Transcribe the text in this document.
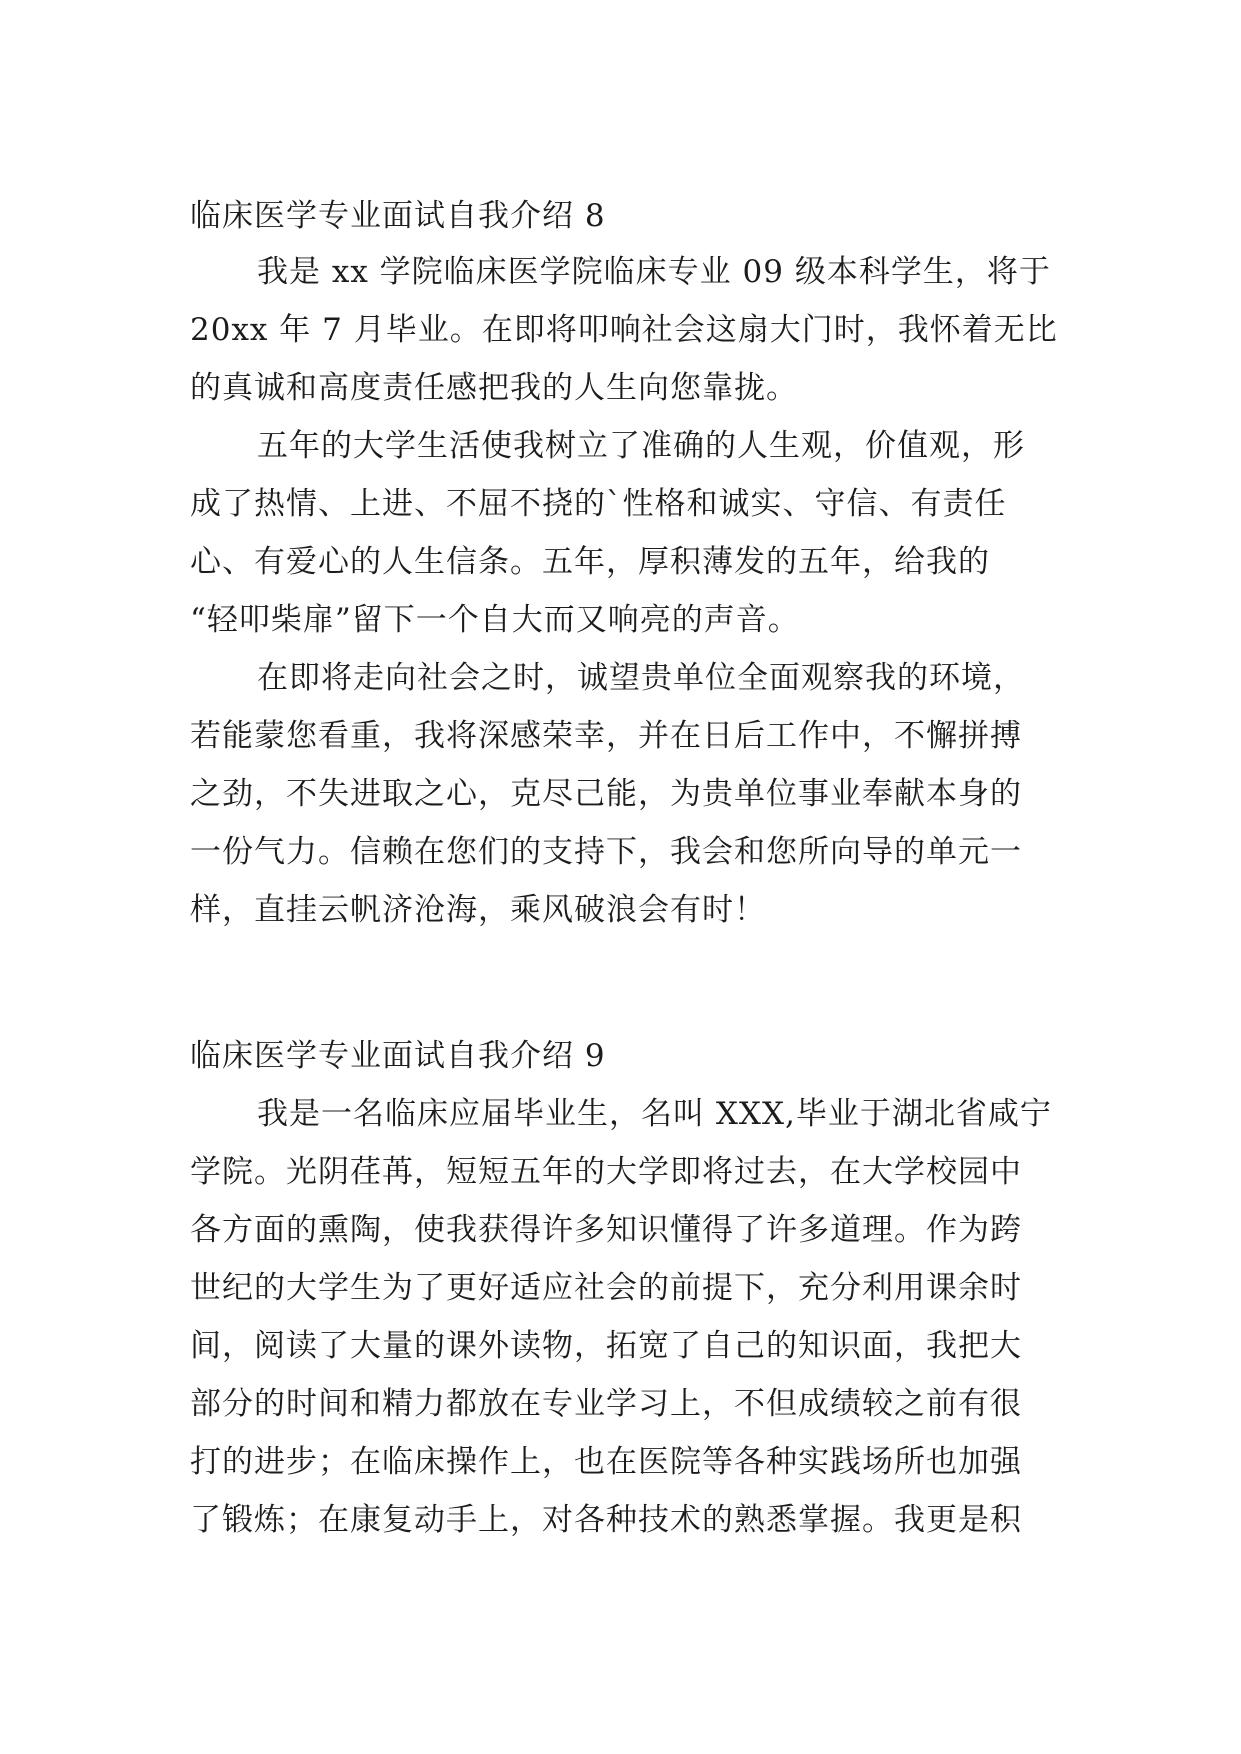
临床医学专业面试自我介绍 8
我是 xx 学院临床医学院临床专业 09 级本科学生，将于
20xx 年 7 月毕业。在即将叩响社会这扇大门时，我怀着无比
的真诚和高度责任感把我的人生向您靠拢。
五年的大学生活使我树立了准确的人生观，价值观，形
成了热情、上进、不屈不挠的`性格和诚实、守信、有责任
心、有爱心的人生信条。五年，厚积薄发的五年，给我的
“轻叩柴扉”留下一个自大而又响亮的声音。
在即将走向社会之时，诚望贵单位全面观察我的环境，
若能蒙您看重，我将深感荣幸，并在日后工作中，不懈拼搏
之劲，不失进取之心，克尽己能，为贵单位事业奉献本身的
一份气力。信赖在您们的支持下，我会和您所向导的单元一
样，直挂云帆济沧海，乘风破浪会有时！
临床医学专业面试自我介绍 9
我是一名临床应届毕业生，名叫 XXX,毕业于湖北省咸宁
学院。光阴荏苒，短短五年的大学即将过去，在大学校园中
各方面的熏陶，使我获得许多知识懂得了许多道理。作为跨
世纪的大学生为了更好适应社会的前提下，充分利用课余时
间，阅读了大量的课外读物，拓宽了自己的知识面，我把大
部分的时间和精力都放在专业学习上，不但成绩较之前有很
打的进步；在临床操作上，也在医院等各种实践场所也加强
了锻炼；在康复动手上，对各种技术的熟悉掌握。我更是积
